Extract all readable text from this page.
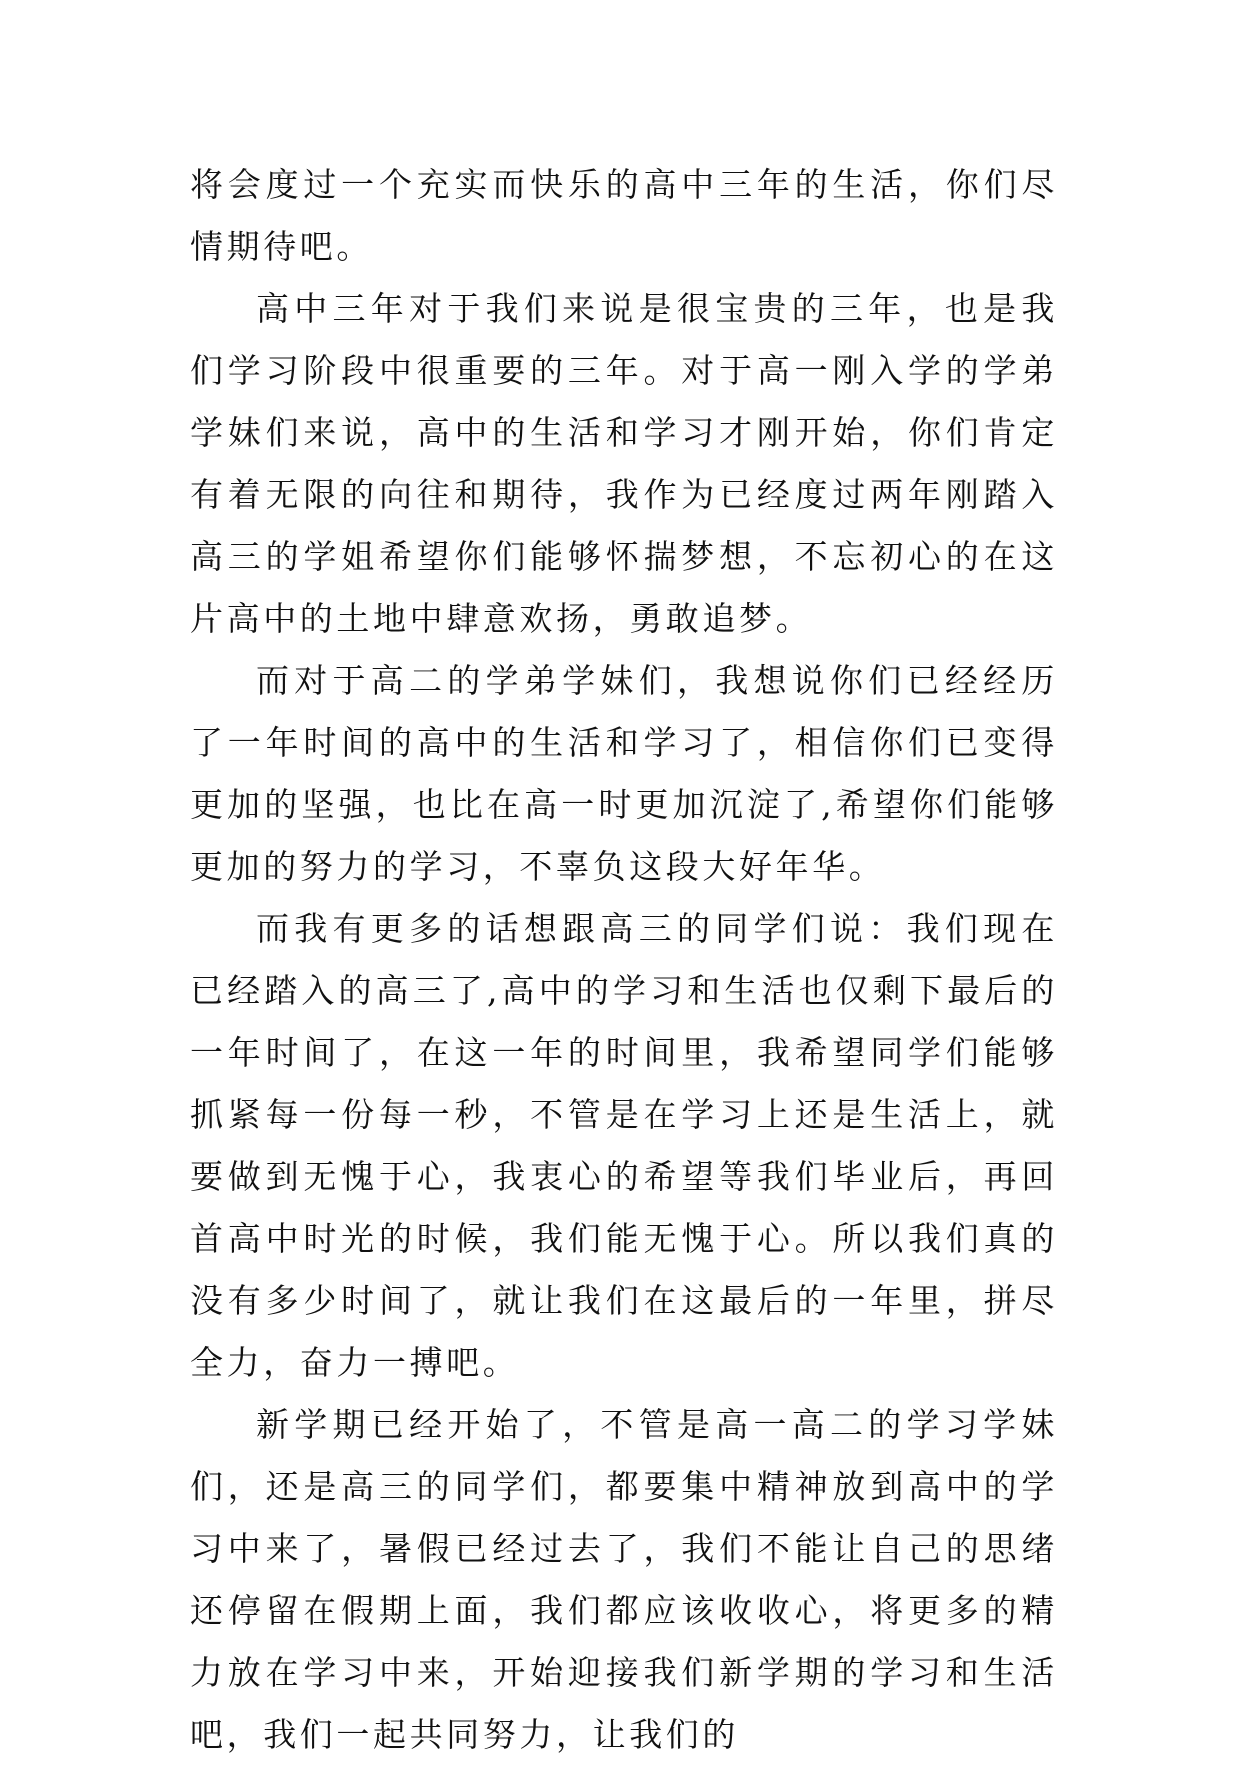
将会度过一个充实而快乐的高中三年的生活，你们尽情期待吧。

高中三年对于我们来说是很宝贵的三年，也是我们学习阶段中很重要的三年。对于高一刚入学的学弟学妹们来说，高中的生活和学习才刚开始，你们肯定有着无限的向往和期待，我作为已经度过两年刚踏入高三的学姐希望你们能够怀揣梦想，不忘初心的在这片高中的土地中肆意欢扬，勇敢追梦。

而对于高二的学弟学妹们，我想说你们已经经历了一年时间的高中的生活和学习了，相信你们已变得更加的坚强，也比在高一时更加沉淀了,希望你们能够更加的努力的学习，不辜负这段大好年华。

而我有更多的话想跟高三的同学们说：我们现在已经踏入的高三了,高中的学习和生活也仅剩下最后的一年时间了，在这一年的时间里，我希望同学们能够抓紧每一份每一秒，不管是在学习上还是生活上，就要做到无愧于心，我衷心的希望等我们毕业后，再回首高中时光的时候，我们能无愧于心。所以我们真的没有多少时间了，就让我们在这最后的一年里，拼尽全力，奋力一搏吧。

新学期已经开始了，不管是高一高二的学习学妹们，还是高三的同学们，都要集中精神放到高中的学习中来了，暑假已经过去了，我们不能让自己的思绪还停留在假期上面，我们都应该收收心，将更多的精力放在学习中来，开始迎接我们新学期的学习和生活吧，我们一起共同努力，让我们的
